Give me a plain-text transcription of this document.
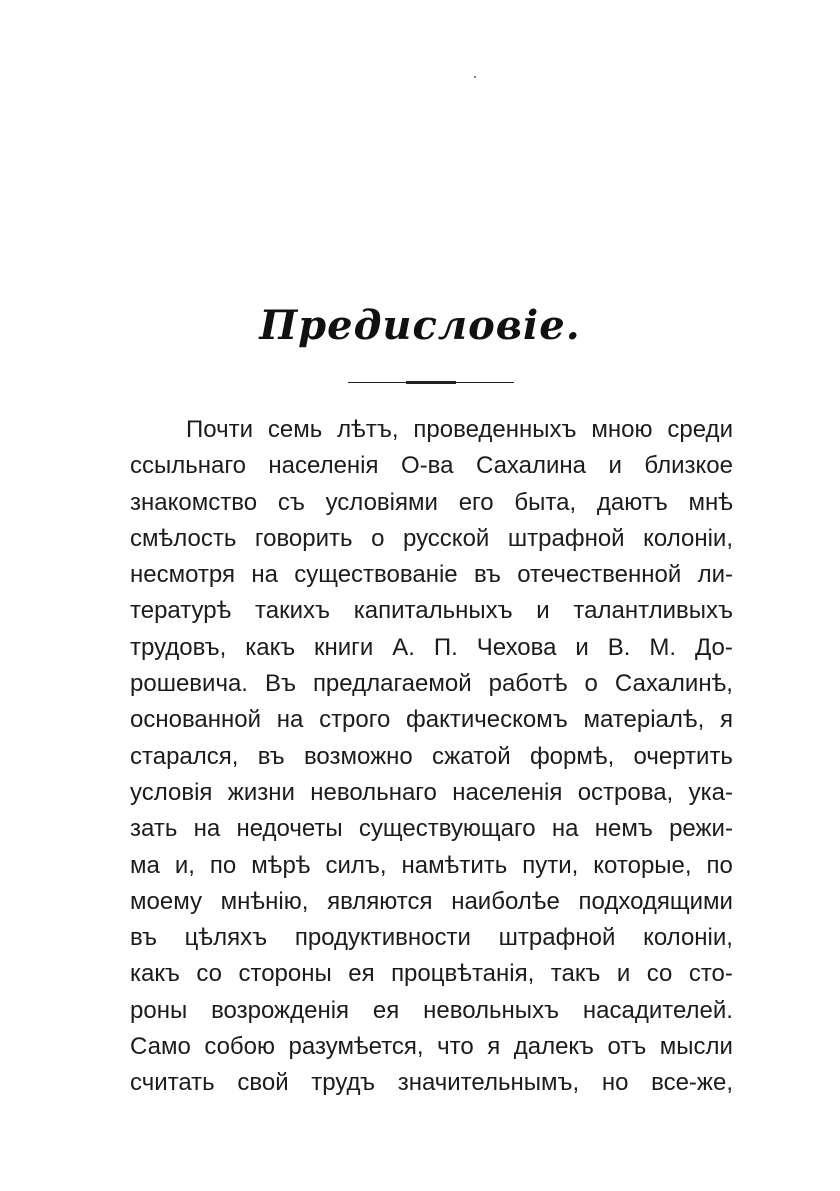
Предисловіе.
Почти семь лѣтъ, проведенныхъ мною среди
ссыльнаго населенія О-ва Сахалина и близкое
знакомство съ условіями его быта, даютъ мнѣ
смѣлость говорить о русской штрафной колоніи,
несмотря на существованіе въ отечественной ли-
тературѣ такихъ капитальныхъ и талантливыхъ
трудовъ, какъ книги А. П. Чехова и В. М. До-
рошевича. Въ предлагаемой работѣ о Сахалинѣ,
основанной на строго фактическомъ матеріалѣ, я
старался, въ возможно сжатой формѣ, очертить
условія жизни невольнаго населенія острова, ука-
зать на недочеты существующаго на немъ режи-
ма и, по мѣрѣ силъ, намѣтить пути, которые, по
моему мнѣнію, являются наиболѣе подходящими
въ цѣляхъ продуктивности штрафной колоніи,
какъ со стороны ея процвѣтанія, такъ и со сто-
роны возрожденія ея невольныхъ насадителей.
Само собою разумѣется, что я далекъ отъ мысли
считать свой трудъ значительнымъ, но все-же,
